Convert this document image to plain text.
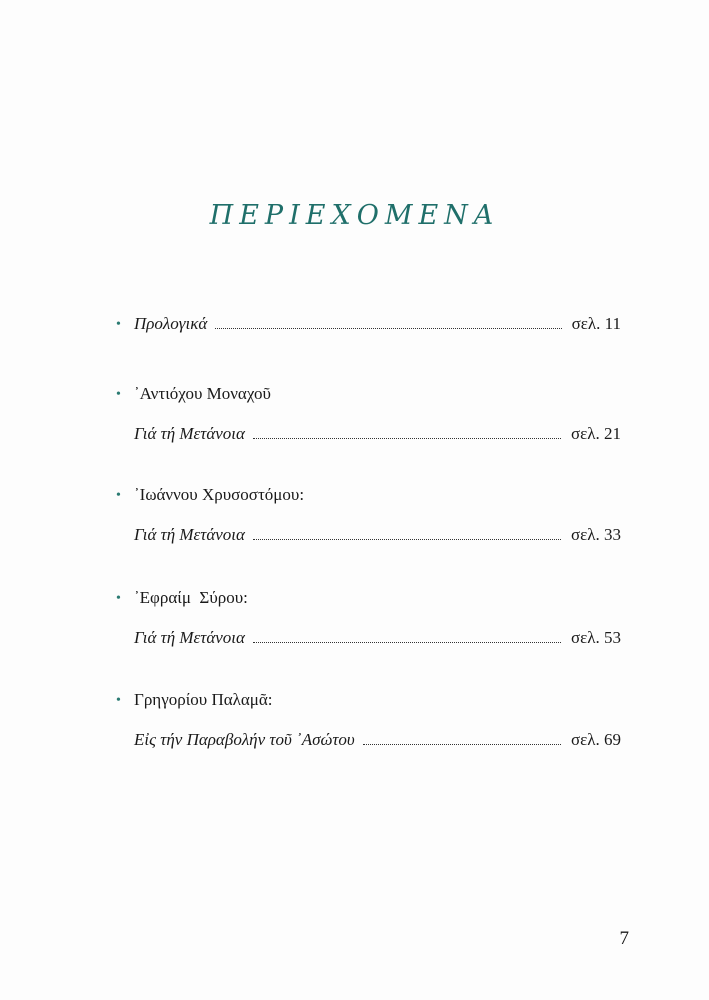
ΠΕΡΙΕΧΟΜΕΝΑ
• Προλογικά	σελ. 11
• ᾿Αντιόχου Μοναχοῦ
Γιά τή Μετάνοια	σελ. 21
• ᾿Ιωάννου Χρυσοστόμου:
Γιά τή Μετάνοια	σελ. 33
• ᾿Εφραίμ  Σύρου:
Γιά τή Μετάνοια	σελ. 53
• Γρηγορίου Παλαμᾶ:
Εἰς τήν Παραβολήν τοῦ ᾿Ασώτου	σελ. 69
7
